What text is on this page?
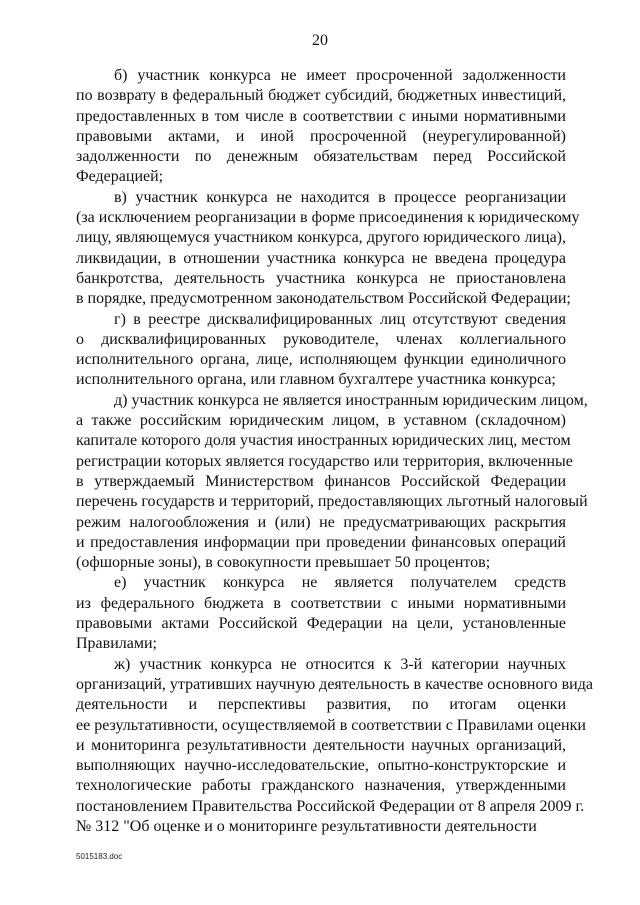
20
б) участник конкурса не имеет просроченной задолженности
по возврату в федеральный бюджет субсидий, бюджетных инвестиций,
предоставленных в том числе в соответствии с иными нормативными
правовыми актами, и иной просроченной (неурегулированной)
задолженности по денежным обязательствам перед Российской
Федерацией;
в) участник конкурса не находится в процессе реорганизации
(за исключением реорганизации в форме присоединения к юридическому
лицу, являющемуся участником конкурса, другого юридического лица),
ликвидации, в отношении участника конкурса не введена процедура
банкротства, деятельность участника конкурса не приостановлена
в порядке, предусмотренном законодательством Российской Федерации;
г) в реестре дисквалифицированных лиц отсутствуют сведения
о дисквалифицированных руководителе, членах коллегиального
исполнительного органа, лице, исполняющем функции единоличного
исполнительного органа, или главном бухгалтере участника конкурса;
д) участник конкурса не является иностранным юридическим лицом,
а также российским юридическим лицом, в уставном (складочном)
капитале которого доля участия иностранных юридических лиц, местом
регистрации которых является государство или территория, включенные
в утверждаемый Министерством финансов Российской Федерации
перечень государств и территорий, предоставляющих льготный налоговый
режим налогообложения и (или) не предусматривающих раскрытия
и предоставления информации при проведении финансовых операций
(офшорные зоны), в совокупности превышает 50 процентов;
е) участник конкурса не является получателем средств
из федерального бюджета в соответствии с иными нормативными
правовыми актами Российской Федерации на цели, установленные
Правилами;
ж) участник конкурса не относится к 3-й категории научных
организаций, утративших научную деятельность в качестве основного вида
деятельности и перспективы развития, по итогам оценки
ее результативности, осуществляемой в соответствии с Правилами оценки
и мониторинга результативности деятельности научных организаций,
выполняющих научно-исследовательские, опытно-конструкторские и
технологические работы гражданского назначения, утвержденными
постановлением Правительства Российской Федерации от 8 апреля 2009 г.
№ 312 "Об оценке и о мониторинге результативности деятельности
5015183.doc
